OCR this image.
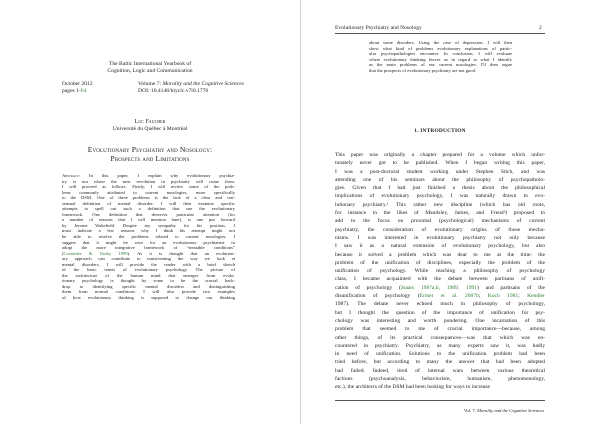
The Baltic International Yearbook of
Cognition, Logic and Communication
October 2012
pages 1-64
Volume 7: Morality and the Cognitive Sciences
DOI: 10.4148/biyclc.v7i0.1776
Luc Faucher
Université du Québec à Montréal
Evolutionary Psychiatry and Nosology:
Prospects and Limitations
Abstract: In this paper, I explain why evolutionary psychia-
try is not where the next revolution in psychiatry will come from.
I will proceed as follows. Firstly, I will review some of the prob-
lems commonly attributed to current nosologies, more specifically
to the DSM. One of these problems is the lack of a clear and con-
sensual definition of mental disorder; I will then examine specific
attempts to spell out such a definition that use the evolutionary
framework. One definition that deserves particular attention (for
a number of reasons that I will mention later), is one put forward
by Jerome Wakefield. Despite my sympathy for his position, I
must indicate a few reasons why I think his attempt might not
be able to resolve the problems related to current nosologies. I
suggest that it might be wise for an evolutionary psychiatrist to
adopt the more integrative framework of “treatable conditions”
(Cosmides & Tooby 1999). As it is thought that an evolution-
ary approach can contribute to transforming the way we look at
mental disorders, I will provide the reader with a brief sketch
of the basic tenets of evolutionary psychology. The picture of
the architecture of the human mind that emerges from evolu-
tionary psychology is thought by some to be the crucial back-
drop to identifying specific mental disorders and distinguishing
them from normal conditions. I will also provide two examples
of how evolutionary thinking is supposed to change our thinking
Evolutionary Psychiatry and Nosology	2
about some disorders. Using the case of depression, I will then
show what kind of problems evolutionary explanations of partic-
ular psychopathologies encounter. In conclusion, I will evaluate
where evolutionary thinking leaves us in regard to what I identify
as the main problems of our current nosologies. I'll then argue
that the prospects of evolutionary psychiatry are not good.
1. INTRODUCTION
This paper was originally a chapter prepared for a volume which unfor-
tunately never got to be published. When I began writing this paper,
I was a post-doctoral student working under Stephen Stich, and was
attending one of his seminars about the philosophy of psychopatholo-
gies. Given that I had just finished a thesis about the philosophical
implications of evolutionary psychology, I was naturally drawn to evo-
lutionary psychiatry.¹ This rather new discipline (which has old roots,
for instance in the likes of Maudsley, James, and Freud²) proposed to
add to the focus on proximal (psychological) mechanisms of current
psychiatry, the consideration of evolutionary origins of those mecha-
nisms. I was interested in evolutionary psychiatry not only because
I saw it as a natural extension of evolutionary psychology, but also
because it solved a problem which was dear to me at the time: the
problem of the unification of disciplines, especially the problem of the
unification of psychology. While teaching a philosophy of psychology
class, I became acquainted with the debate between partisans of unifi-
cation of psychology (Staats 1987a,b, 1989, 1991) and partisans of the
disunification of psychology (Ermer et al. 2007b; Koch 1981; Kendler
1987). The debate never echoed much in philosophy of psychology,
but I thought the question of the importance of unification for psy-
chology was interesting and worth pondering. One incarnation of this
problem that seemed to me of crucial importance—because, among
other things, of its practical consequences—was that which was en-
countered in psychiatry. Psychiatry, as many experts saw it, was badly
in need of unification. Solutions to the unification problem had been
tried before, but according to many the answer that had been adopted
had failed. Indeed, tired of internal wars between various theoretical
factions (psychoanalysis, behaviorism, humanism, phenomenology,
etc.), the architects of the DSM had been looking for ways to increase
Vol. 7: Morality and the Cognitive Sciences
